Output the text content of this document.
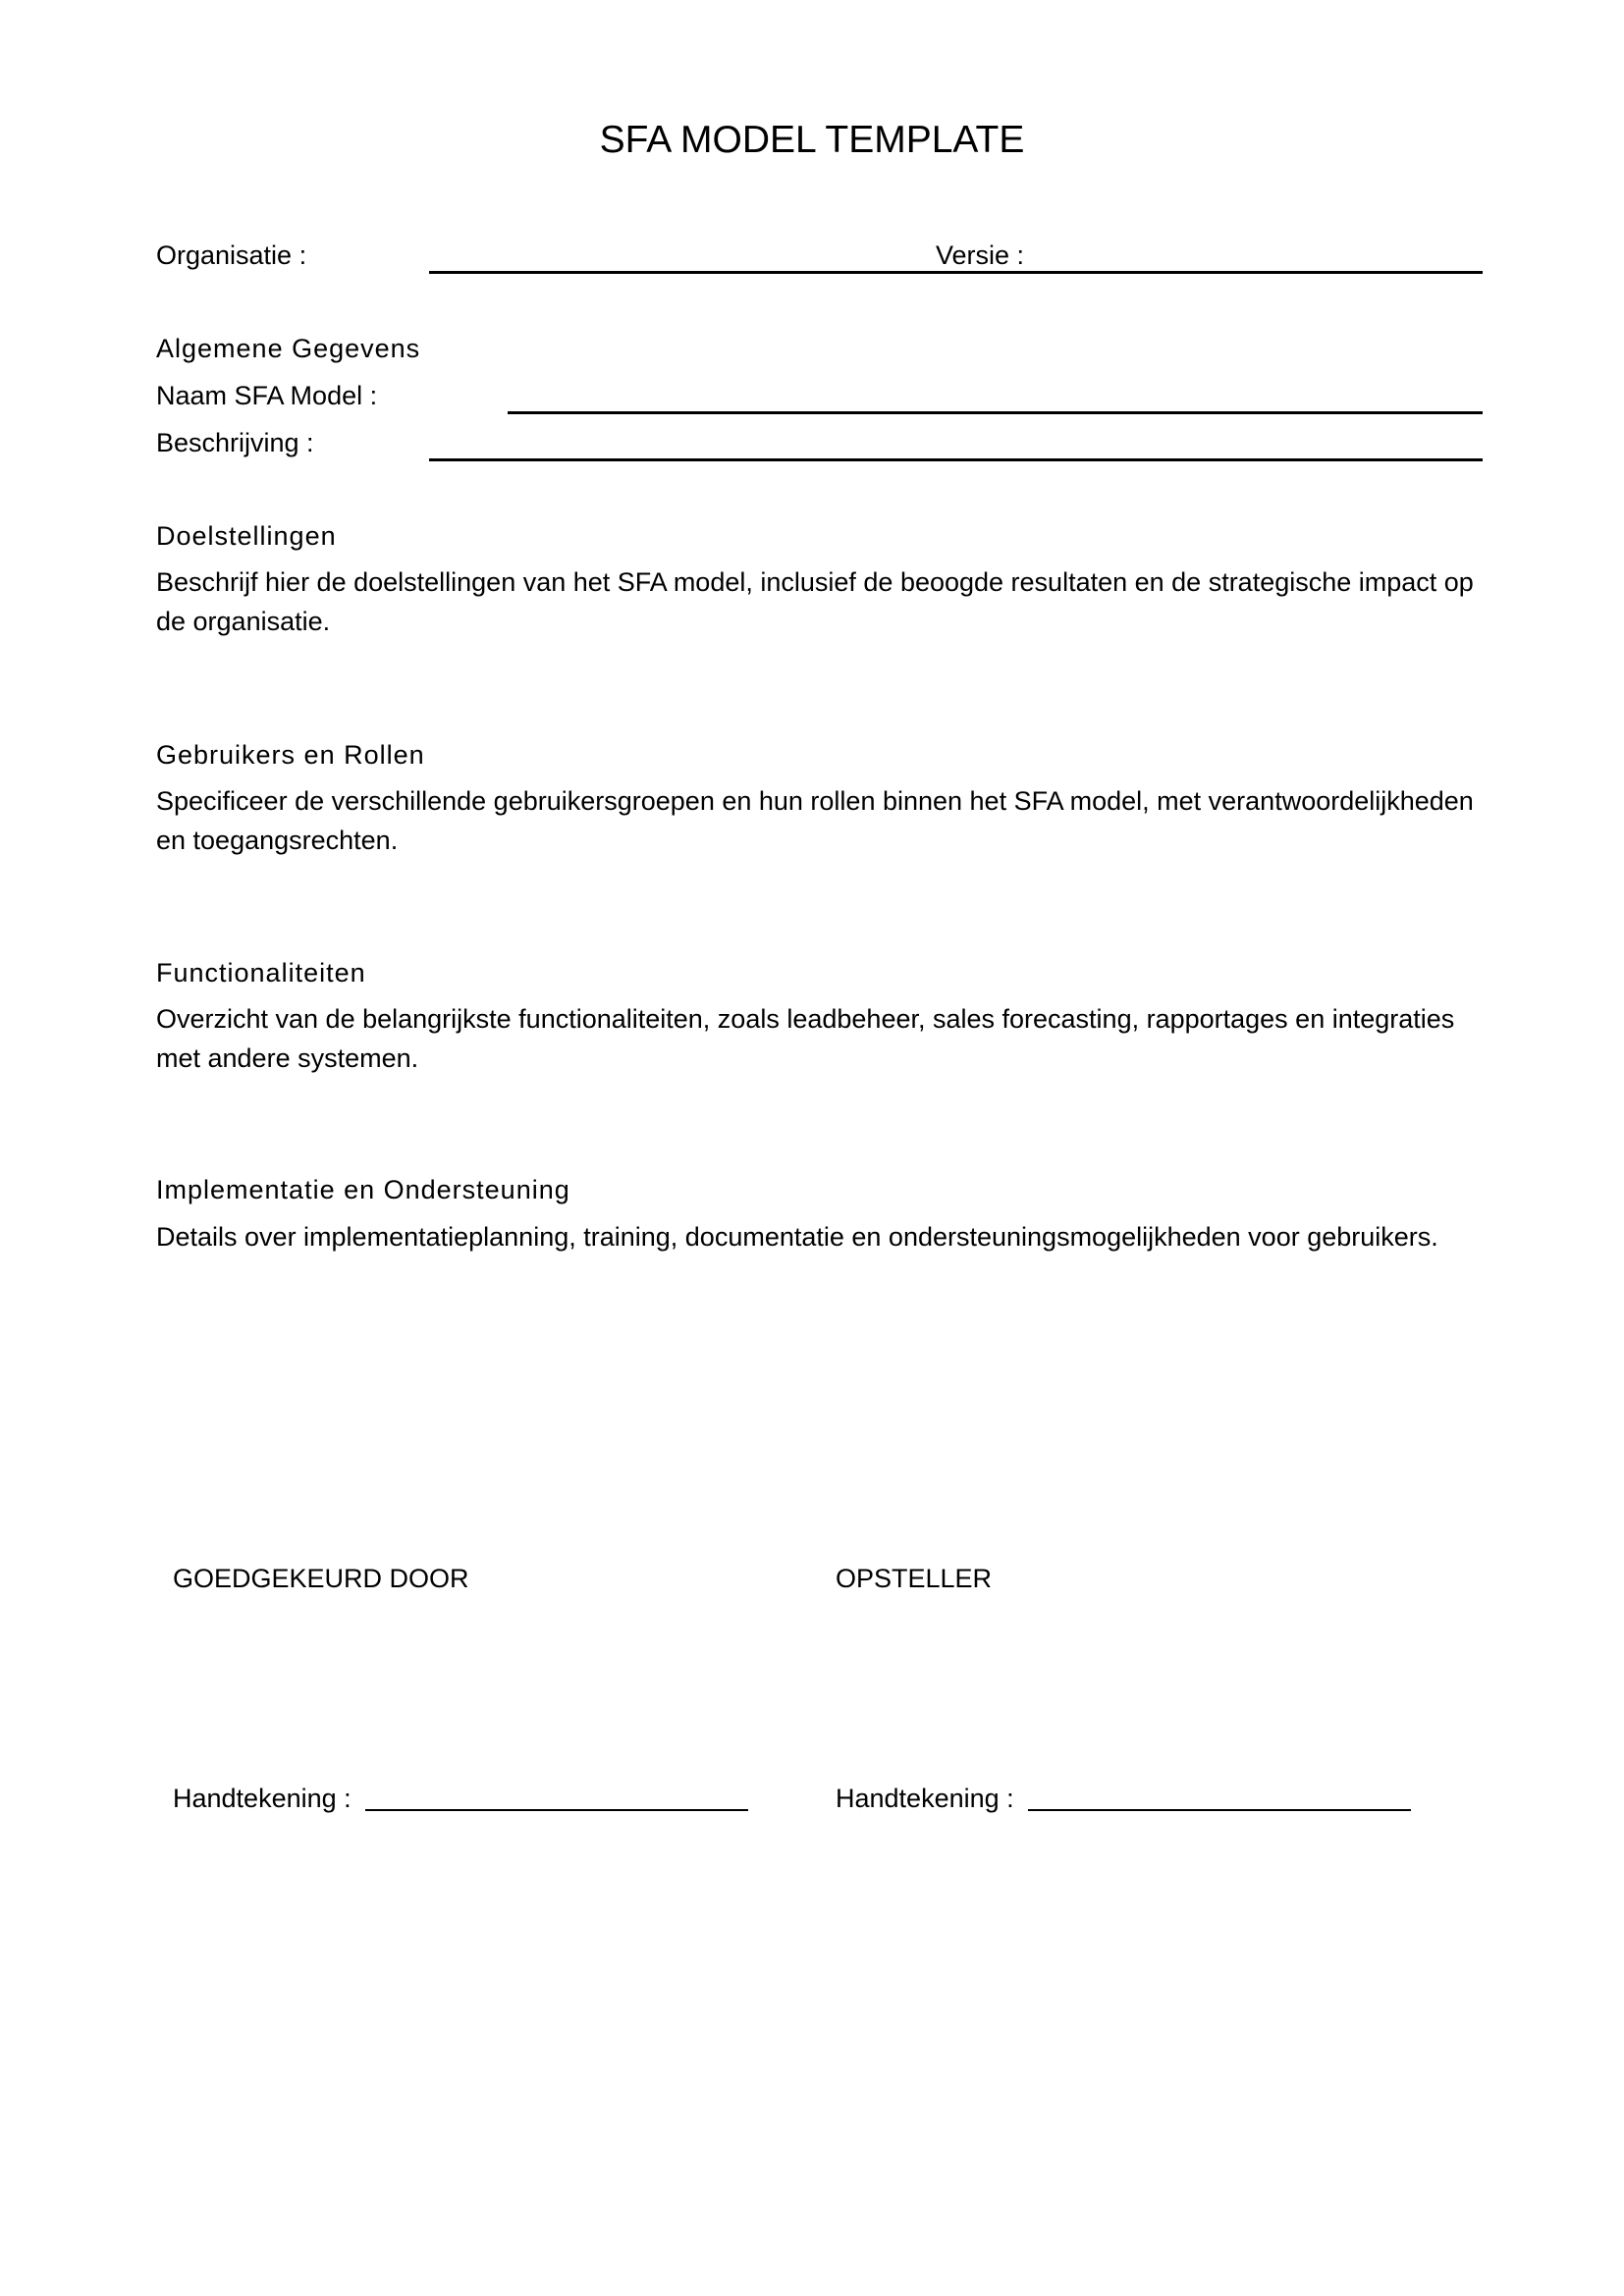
SFA MODEL TEMPLATE
Organisatie :	Versie :
Algemene Gegevens
Naam SFA Model :
Beschrijving :
Doelstellingen
Beschrijf hier de doelstellingen van het SFA model, inclusief de beoogde resultaten en de strategische impact op de organisatie.
Gebruikers en Rollen
Specificeer de verschillende gebruikersgroepen en hun rollen binnen het SFA model, met verantwoordelijkheden en toegangsrechten.
Functionaliteiten
Overzicht van de belangrijkste functionaliteiten, zoals leadbeheer, sales forecasting, rapportages en integraties met andere systemen.
Implementatie en Ondersteuning
Details over implementatieplanning, training, documentatie en ondersteuningsmogelijkheden voor gebruikers.
GOEDGEKEURD DOOR	OPSTELLER
Handtekening :	Handtekening :
